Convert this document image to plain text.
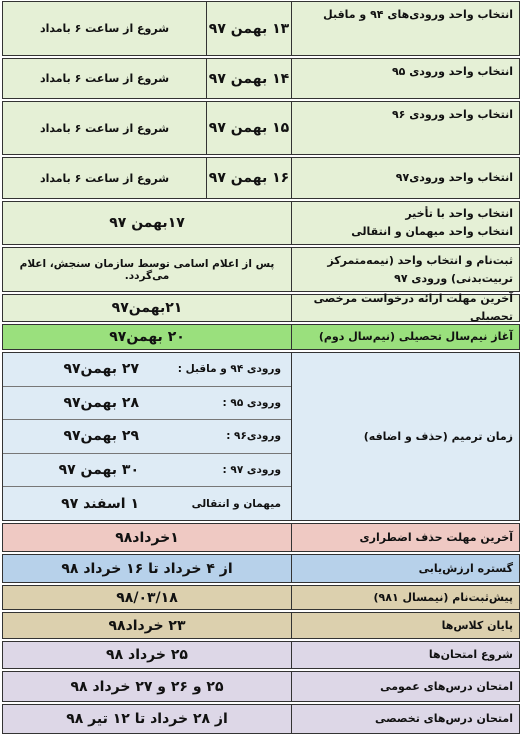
انتخاب واحد ورودی‌های ۹۴ و ماقبل
۱۳ بهمن ۹۷
شروع از ساعت ۶ بامداد
انتخاب واحد ورودی ۹۵
۱۴ بهمن ۹۷
شروع از ساعت ۶ بامداد
انتخاب واحد ورودی ۹۶
۱۵ بهمن ۹۷
شروع از ساعت ۶ بامداد
انتخاب واحد ورودی۹۷
۱۶ بهمن ۹۷
شروع از ساعت ۶ بامداد
انتخاب واحد با تأخیر
انتخاب واحد میهمان و انتقالی
۱۷بهمن ۹۷
ثبت‌نام و انتخاب واحد (نیمه‌متمرکز
تربیت‌بدنی) ورودی ۹۷
پس از اعلام اسامی توسط سازمان سنجش، اعلام می‌گردد.
آخرین مهلت ارائه درخواست مرخصی تحصیلی
۲۱بهمن۹۷
آغاز نیم‌سال تحصیلی (نیم‌سال دوم)
۲۰ بهمن۹۷
زمان ترمیم (حذف و اضافه)
ورودی ۹۴ و ماقبل :
۲۷ بهمن۹۷
ورودی ۹۵ :
۲۸ بهمن۹۷
ورودی۹۶ :
۲۹ بهمن۹۷
ورودی ۹۷ :
۳۰ بهمن ۹۷
میهمان و انتقالی
۱ اسفند ۹۷
آخرین مهلت حذف اضطراری
۱خرداد۹۸
گستره ارزش‌یابی
از ۴ خرداد تا ۱۶ خرداد ۹۸
پیش‌ثبت‌نام (نیمسال ۹۸۱)
۹۸/۰۳/۱۸
پایان کلاس‌ها
۲۳ خرداد۹۸
شروع امتحان‌ها
۲۵ خرداد ۹۸
امتحان درس‌های عمومی
۲۵ و ۲۶ و ۲۷ خرداد ۹۸
امتحان درس‌های تخصصی
از ۲۸ خرداد تا ۱۲ تیر ۹۸
